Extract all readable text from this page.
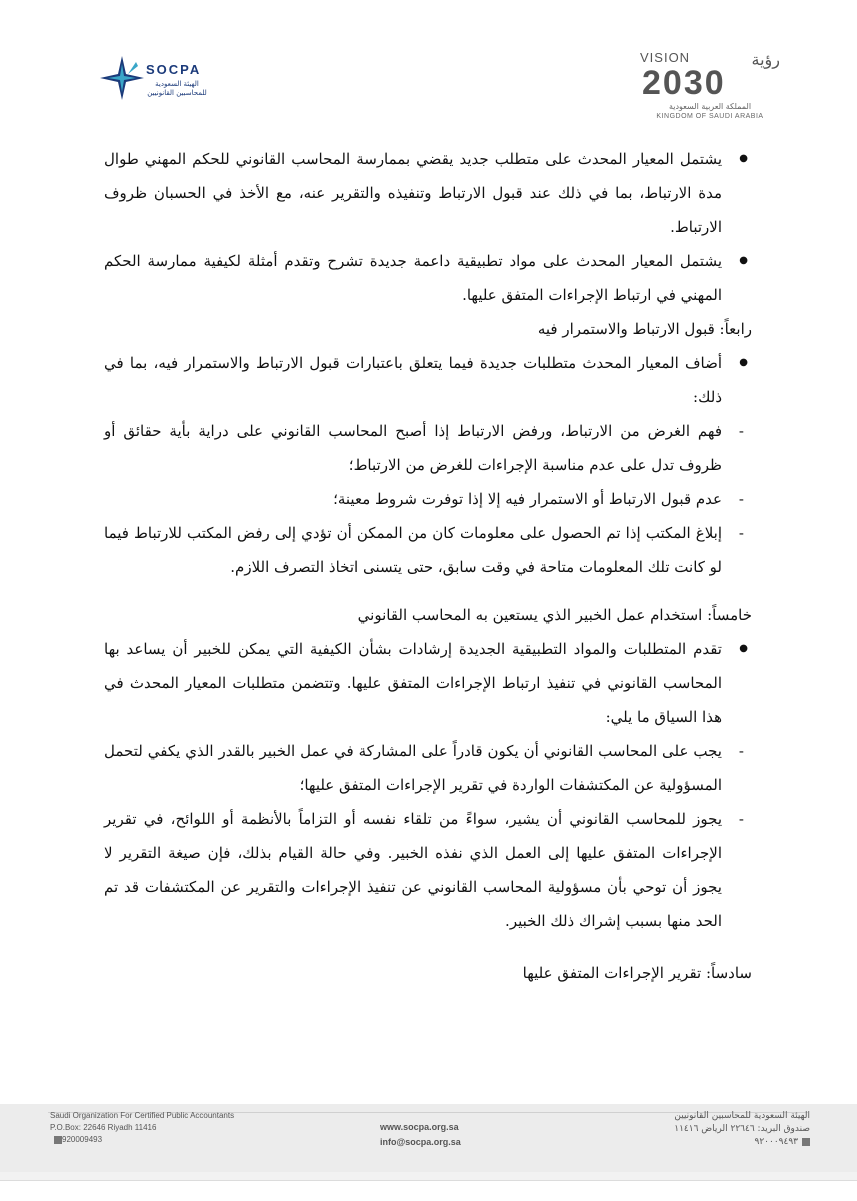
SOCPA
الهيئة السعودية
للمحاسبين القانونيين
VISION	رؤية
2030
المملكة العربية السعودية
KINGDOM OF SAUDI ARABIA

● يشتمل المعيار المحدث على متطلب جديد يقضي بممارسة المحاسب القانوني للحكم المهني طوال مدة الارتباط، بما في ذلك عند قبول الارتباط وتنفيذه والتقرير عنه، مع الأخذ في الحسبان ظروف الارتباط.

● يشتمل المعيار المحدث على مواد تطبيقية داعمة جديدة تشرح وتقدم أمثلة لكيفية ممارسة الحكم المهني في ارتباط الإجراءات المتفق عليها.

رابعاً: قبول الارتباط والاستمرار فيه

● أضاف المعيار المحدث متطلبات جديدة فيما يتعلق باعتبارات قبول الارتباط والاستمرار فيه، بما في ذلك:

- فهم الغرض من الارتباط، ورفض الارتباط إذا أصبح المحاسب القانوني على دراية بأية حقائق أو ظروف تدل على عدم مناسبة الإجراءات للغرض من الارتباط؛

- عدم قبول الارتباط أو الاستمرار فيه إلا إذا توفرت شروط معينة؛

- إبلاغ المكتب إذا تم الحصول على معلومات كان من الممكن أن تؤدي إلى رفض المكتب للارتباط فيما لو كانت تلك المعلومات متاحة في وقت سابق، حتى يتسنى اتخاذ التصرف اللازم.

خامساً: استخدام عمل الخبير الذي يستعين به المحاسب القانوني

● تقدم المتطلبات والمواد التطبيقية الجديدة إرشادات بشأن الكيفية التي يمكن للخبير أن يساعد بها المحاسب القانوني في تنفيذ ارتباط الإجراءات المتفق عليها. وتتضمن متطلبات المعيار المحدث في هذا السياق ما يلي:

- يجب على المحاسب القانوني أن يكون قادراً على المشاركة في عمل الخبير بالقدر الذي يكفي لتحمل المسؤولية عن المكتشفات الواردة في تقرير الإجراءات المتفق عليها؛

- يجوز للمحاسب القانوني أن يشير، سواءً من تلقاء نفسه أو التزاماً بالأنظمة أو اللوائح، في تقرير الإجراءات المتفق عليها إلى العمل الذي نفذه الخبير. وفي حالة القيام بذلك، فإن صيغة التقرير لا يجوز أن توحي بأن مسؤولية المحاسب القانوني عن تنفيذ الإجراءات والتقرير عن المكتشفات قد تم الحد منها بسبب إشراك ذلك الخبير.

سادساً: تقرير الإجراءات المتفق عليها

Saudi Organization For Certified Public Accountants
P.O.Box: 22646 Riyadh 11416
920009493
www.socpa.org.sa
info@socpa.org.sa
الهيئة السعودية للمحاسبين القانونيين
صندوق البريد: ٢٢٦٤٦ الرياض ١١٤١٦
٩٢٠٠٠٩٤٩٣
